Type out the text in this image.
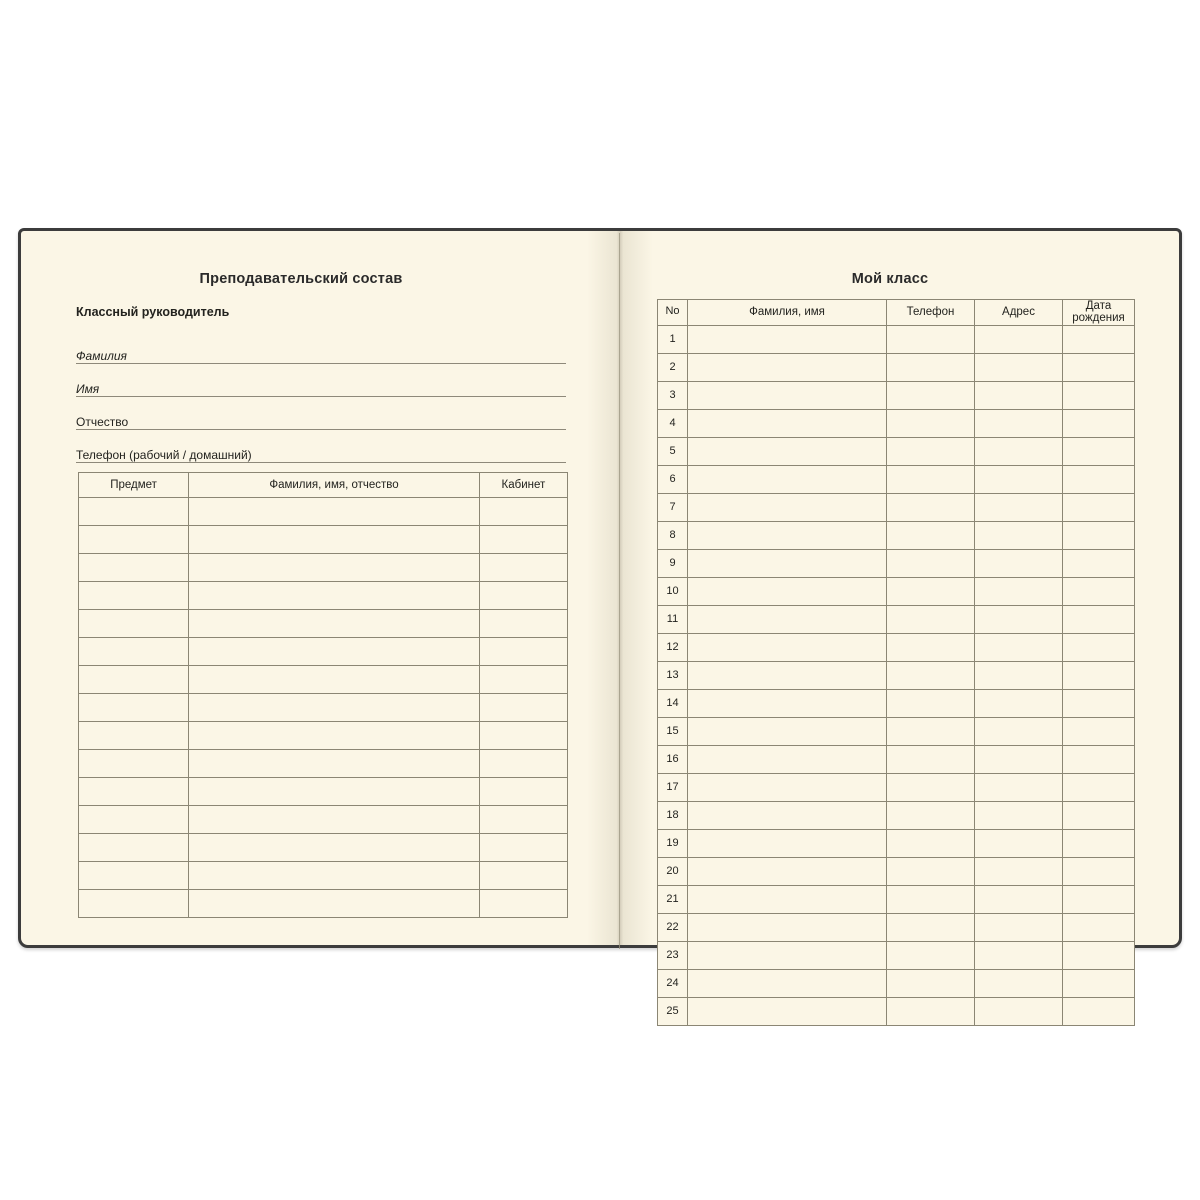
Преподавательский состав
Классный руководитель
Фамилия
Имя
Отчество
Телефон (рабочий / домашний)
Предмет	Фамилия, имя, отчество	Кабинет

Мой класс
No	Фамилия, имя	Телефон	Адрес	Дата рождения
1				
2				
3				
4				
5				
6				
7				
8				
9				
10				
11				
12				
13				
14				
15				
16				
17				
18				
19				
20				
21				
22				
23				
24				
25				
